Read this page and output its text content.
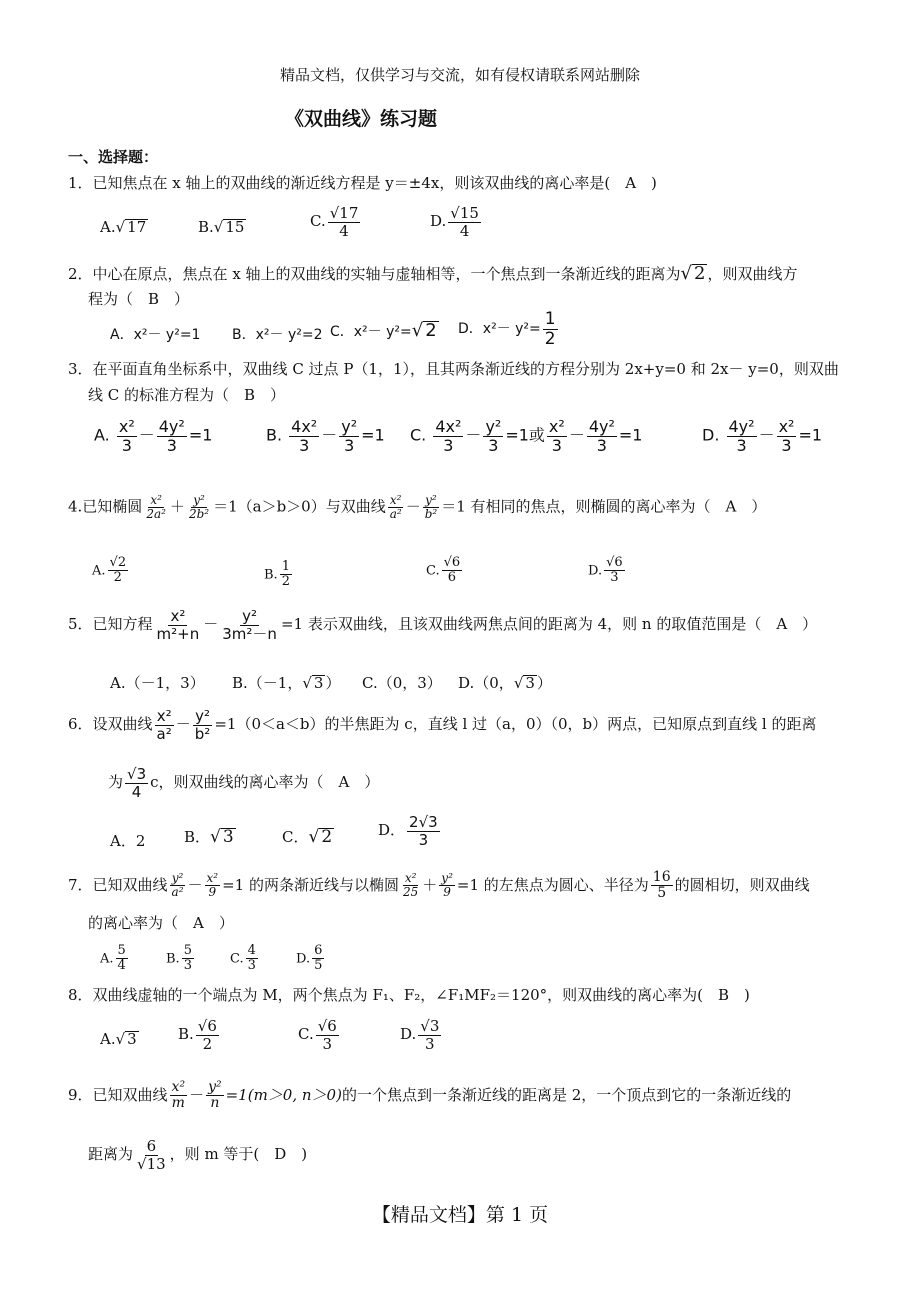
精品文档，仅供学习与交流，如有侵权请联系网站删除
《双曲线》练习题
一、选择题：
1．已知焦点在 x 轴上的双曲线的渐近线方程是 y＝±4x，则该双曲线的离心率是(　A　)
A.√ 17	B.√ 15	C. $\frac{√17}{4}$	D. $\frac{√15}{4}$
2．中心在原点，焦点在 x 轴上的双曲线的实轴与虚轴相等，一个焦点到一条渐近线的距离为√ 2 ，则双曲线方
程为（　B　）
A．x²－ y²=1 B．x²－ y²=2 C．x²－ y²=√ 2 D．$x^2- y^2= \frac{1}{2}$
3．在平面直角坐标系中，双曲线 C 过点 P（1，1），且其两条渐近线的方程分别为 2x+y=0 和 2x－ y=0，则双曲
线 C 的标准方程为（　B　）
A. $\frac{\text{x²}}{3} - \frac{\text{4y²}}{3} =1$	B. $\frac{\text{4x²}}{3} - \frac{\text{y²}}{3} =1$ C. $\frac{\text{4x²}}{3} - \frac{\text{y²}}{3} =1$或 $\frac{\text{x²}}{3} - \frac{\text{4y²}}{3} =1$	D. $\frac{\text{4y²}}{3} - \frac{\text{x²}}{3} =1$
4.已知椭圆 $\frac{\text{x²}}{\text{2a²}} + \frac{\text{y²}}{\text{2b²}} =1(a>b>0)$与双曲线 $\frac{\text{x²}}{\text{a²}} - \frac{\text{y²}}{\text{b²}} =1$ 有相同的焦点，则椭圆的离心率为（　A　）
A. $\frac{√2}{2}$	B. $\frac{1}{2}$	C. $\frac{√6}{6}$	D. $\frac{√6}{3}$
5．已知方程 $\frac{\text{x²}}{\text{m²+n}} - \frac{\text{y²}}{\text{3m²－n}} =1$ 表示双曲线，且该双曲线两焦点间的距离为 4，则 n 的取值范围是（　A　）
A.（－1，3） B.（－1，√ 3 ） C.（0，3） D.（0，√ 3 ）
6．设双曲线 $\frac{\text{x²}}{\text{a²}} - \frac{\text{y²}}{\text{b²}} =1(0<a<b)$的半焦距为 c，直线 l 过（a，0）（0，b）两点，已知原点到直线 l 的距离
为 $\frac{√3}{4}$ c，则双曲线的离心率为（　A　）
A．2	B．√ 3	C．√ 2	D． $\frac{2√3}{3}$
7．已知双曲线 $\frac{\text{y²}}{\text{a²}} - \frac{\text{x²}}{9} =1$ 的两条渐近线与以椭圆 $\frac{\text{x²}}{25} + \frac{\text{y²}}{9} =1$ 的左焦点为圆心、半径为 $\frac{16}{5}$ 的圆相切，则双曲线
的离心率为（　A　）
A. $\frac{5}{4}$	B. $\frac{5}{3}$	C. $\frac{4}{3}$	D. $\frac{6}{5}$
8．双曲线虚轴的一个端点为 M，两个焦点为 F₁、F₂，∠F₁MF₂＝120°，则双曲线的离心率为(　B　)
A.√ 3	B. $\frac{√6}{2}$	C. $\frac{√6}{3}$	D. $\frac{√3}{3}$
9．已知双曲线 $\frac{\text{x²}}{m} - \frac{\text{y²}}{n} =1(m>0$, n＞0)的一个焦点到一条渐近线的距离是 2，一个顶点到它的一条渐近线的
距离为 $\frac{6}{√13}$ ，则 m 等于(　D　)
【精品文档】第 1 页
